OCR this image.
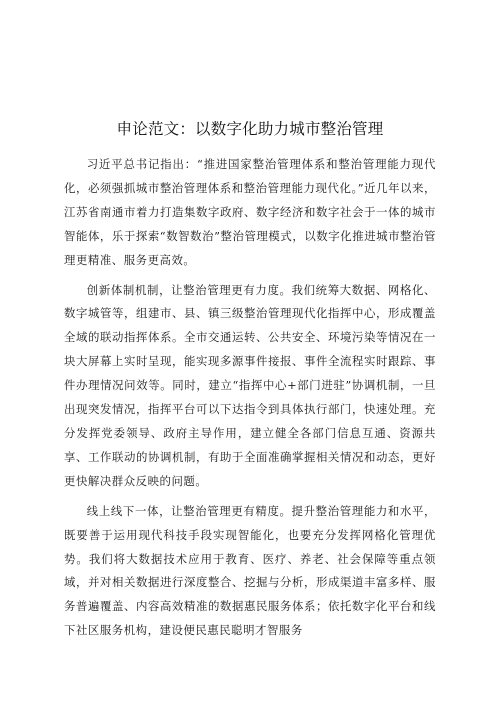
申论范文：以数字化助力城市整治管理

习近平总书记指出：“推进国家整治管理体系和整治管理能力现代化，必须强抓城市整治管理体系和整治管理能力现代化。”近几年以来，江苏省南通市着力打造集数字政府、数字经济和数字社会于一体的城市智能体，乐于探索“数智数治”整治管理模式，以数字化推进城市整治管理更精准、服务更高效。

创新体制机制，让整治管理更有力度。我们统筹大数据、网格化、数字城管等，组建市、县、镇三级整治管理现代化指挥中心，形成覆盖全域的联动指挥体系。全市交通运转、公共安全、环境污染等情况在一块大屏幕上实时呈现，能实现多源事件接报、事件全流程实时跟踪、事件办理情况问效等。同时，建立“指挥中心+部门进驻”协调机制，一旦出现突发情况，指挥平台可以下达指令到具体执行部门，快速处理。充分发挥党委领导、政府主导作用，建立健全各部门信息互通、资源共享、工作联动的协调机制，有助于全面准确掌握相关情况和动态，更好更快解决群众反映的问题。

线上线下一体，让整治管理更有精度。提升整治管理能力和水平，既要善于运用现代科技手段实现智能化，也要充分发挥网格化管理优势。我们将大数据技术应用于教育、医疗、养老、社会保障等重点领域，并对相关数据进行深度整合、挖掘与分析，形成渠道丰富多样、服务普遍覆盖、内容高效精准的数据惠民服务体系；依托数字化平台和线下社区服务机构，建设便民惠民聪明才智服务
